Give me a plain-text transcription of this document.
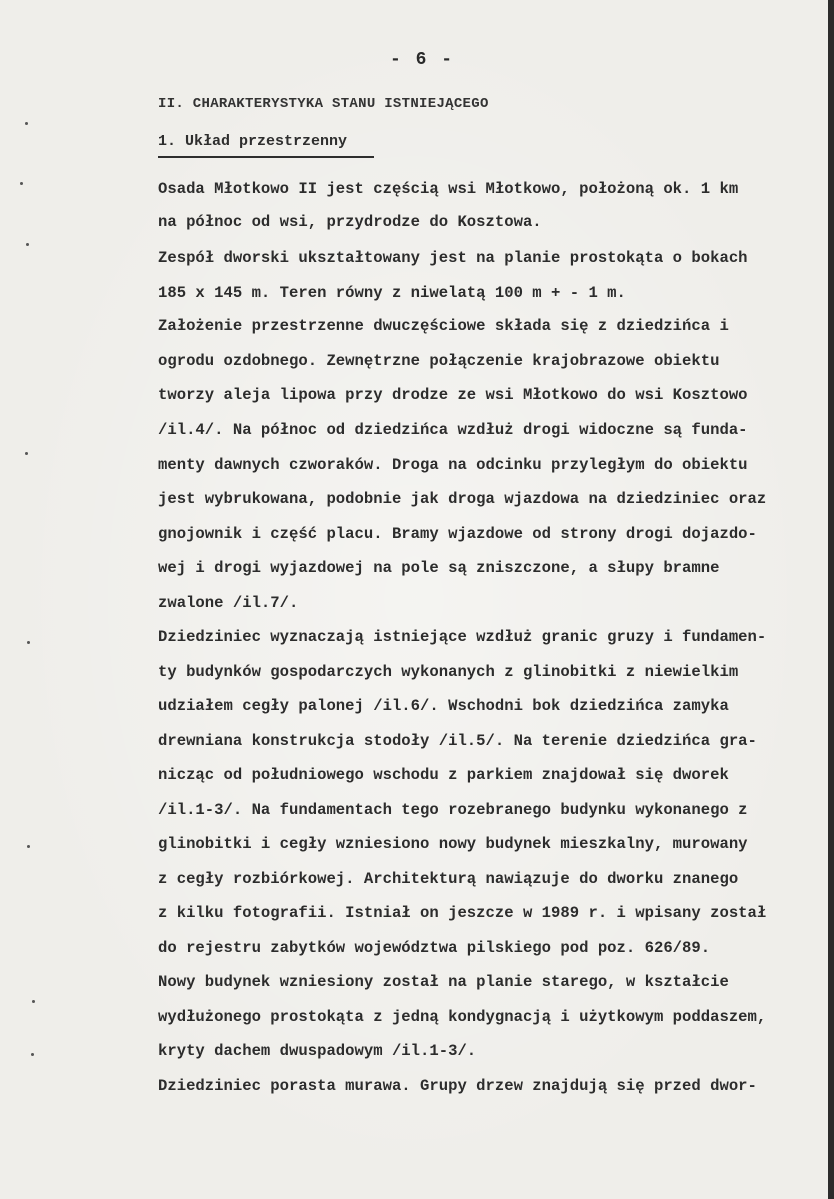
- 6 -
II. CHARAKTERYSTYKA STANU ISTNIEJĄCEGO
1. Układ przestrzenny
Osada Młotkowo II jest częścią wsi Młotkowo, położoną ok. 1 km
na północ od wsi, przydrodze do Kosztowa.
Zespół dworski ukształtowany jest na planie prostokąta o bokach
185 x 145 m. Teren równy z niwelatą 100 m + - 1 m.
Założenie przestrzenne dwuczęściowe składa się z dziedzińca i
ogrodu ozdobnego. Zewnętrzne połączenie krajobrazowe obiektu
tworzy aleja lipowa przy drodze ze wsi Młotkowo do wsi Kosztowo
/il.4/. Na północ od dziedzińca wzdłuż drogi widoczne są funda-
menty dawnych czworaków. Droga na odcinku przyległym do obiektu
jest wybrukowana, podobnie jak droga wjazdowa na dziedziniec oraz
gnojownik i część placu. Bramy wjazdowe od strony drogi dojazdo-
wej i drogi wyjazdowej na pole są zniszczone, a słupy bramne
zwalone /il.7/.
Dziedziniec wyznaczają istniejące wzdłuż granic gruzy i fundamen-
ty budynków gospodarczych wykonanych z glinobitki z niewielkim
udziałem cegły palonej /il.6/. Wschodni bok dziedzińca zamyka
drewniana konstrukcja stodoły /il.5/. Na terenie dziedzińca gra-
nicząc od południowego wschodu z parkiem znajdował się dworek
/il.1-3/. Na fundamentach tego rozebranego budynku wykonanego z
glinobitki i cegły wzniesiono nowy budynek mieszkalny, murowany
z cegły rozbiórkowej. Architekturą nawiązuje do dworku znanego
z kilku fotografii. Istniał on jeszcze w 1989 r. i wpisany został
do rejestru zabytków województwa pilskiego pod poz. 626/89.
Nowy budynek wzniesiony został na planie starego, w kształcie
wydłużonego prostokąta z jedną kondygnacją i użytkowym poddaszem,
kryty dachem dwuspadowym /il.1-3/.
Dziedziniec porasta murawa. Grupy drzew znajdują się przed dwor-
